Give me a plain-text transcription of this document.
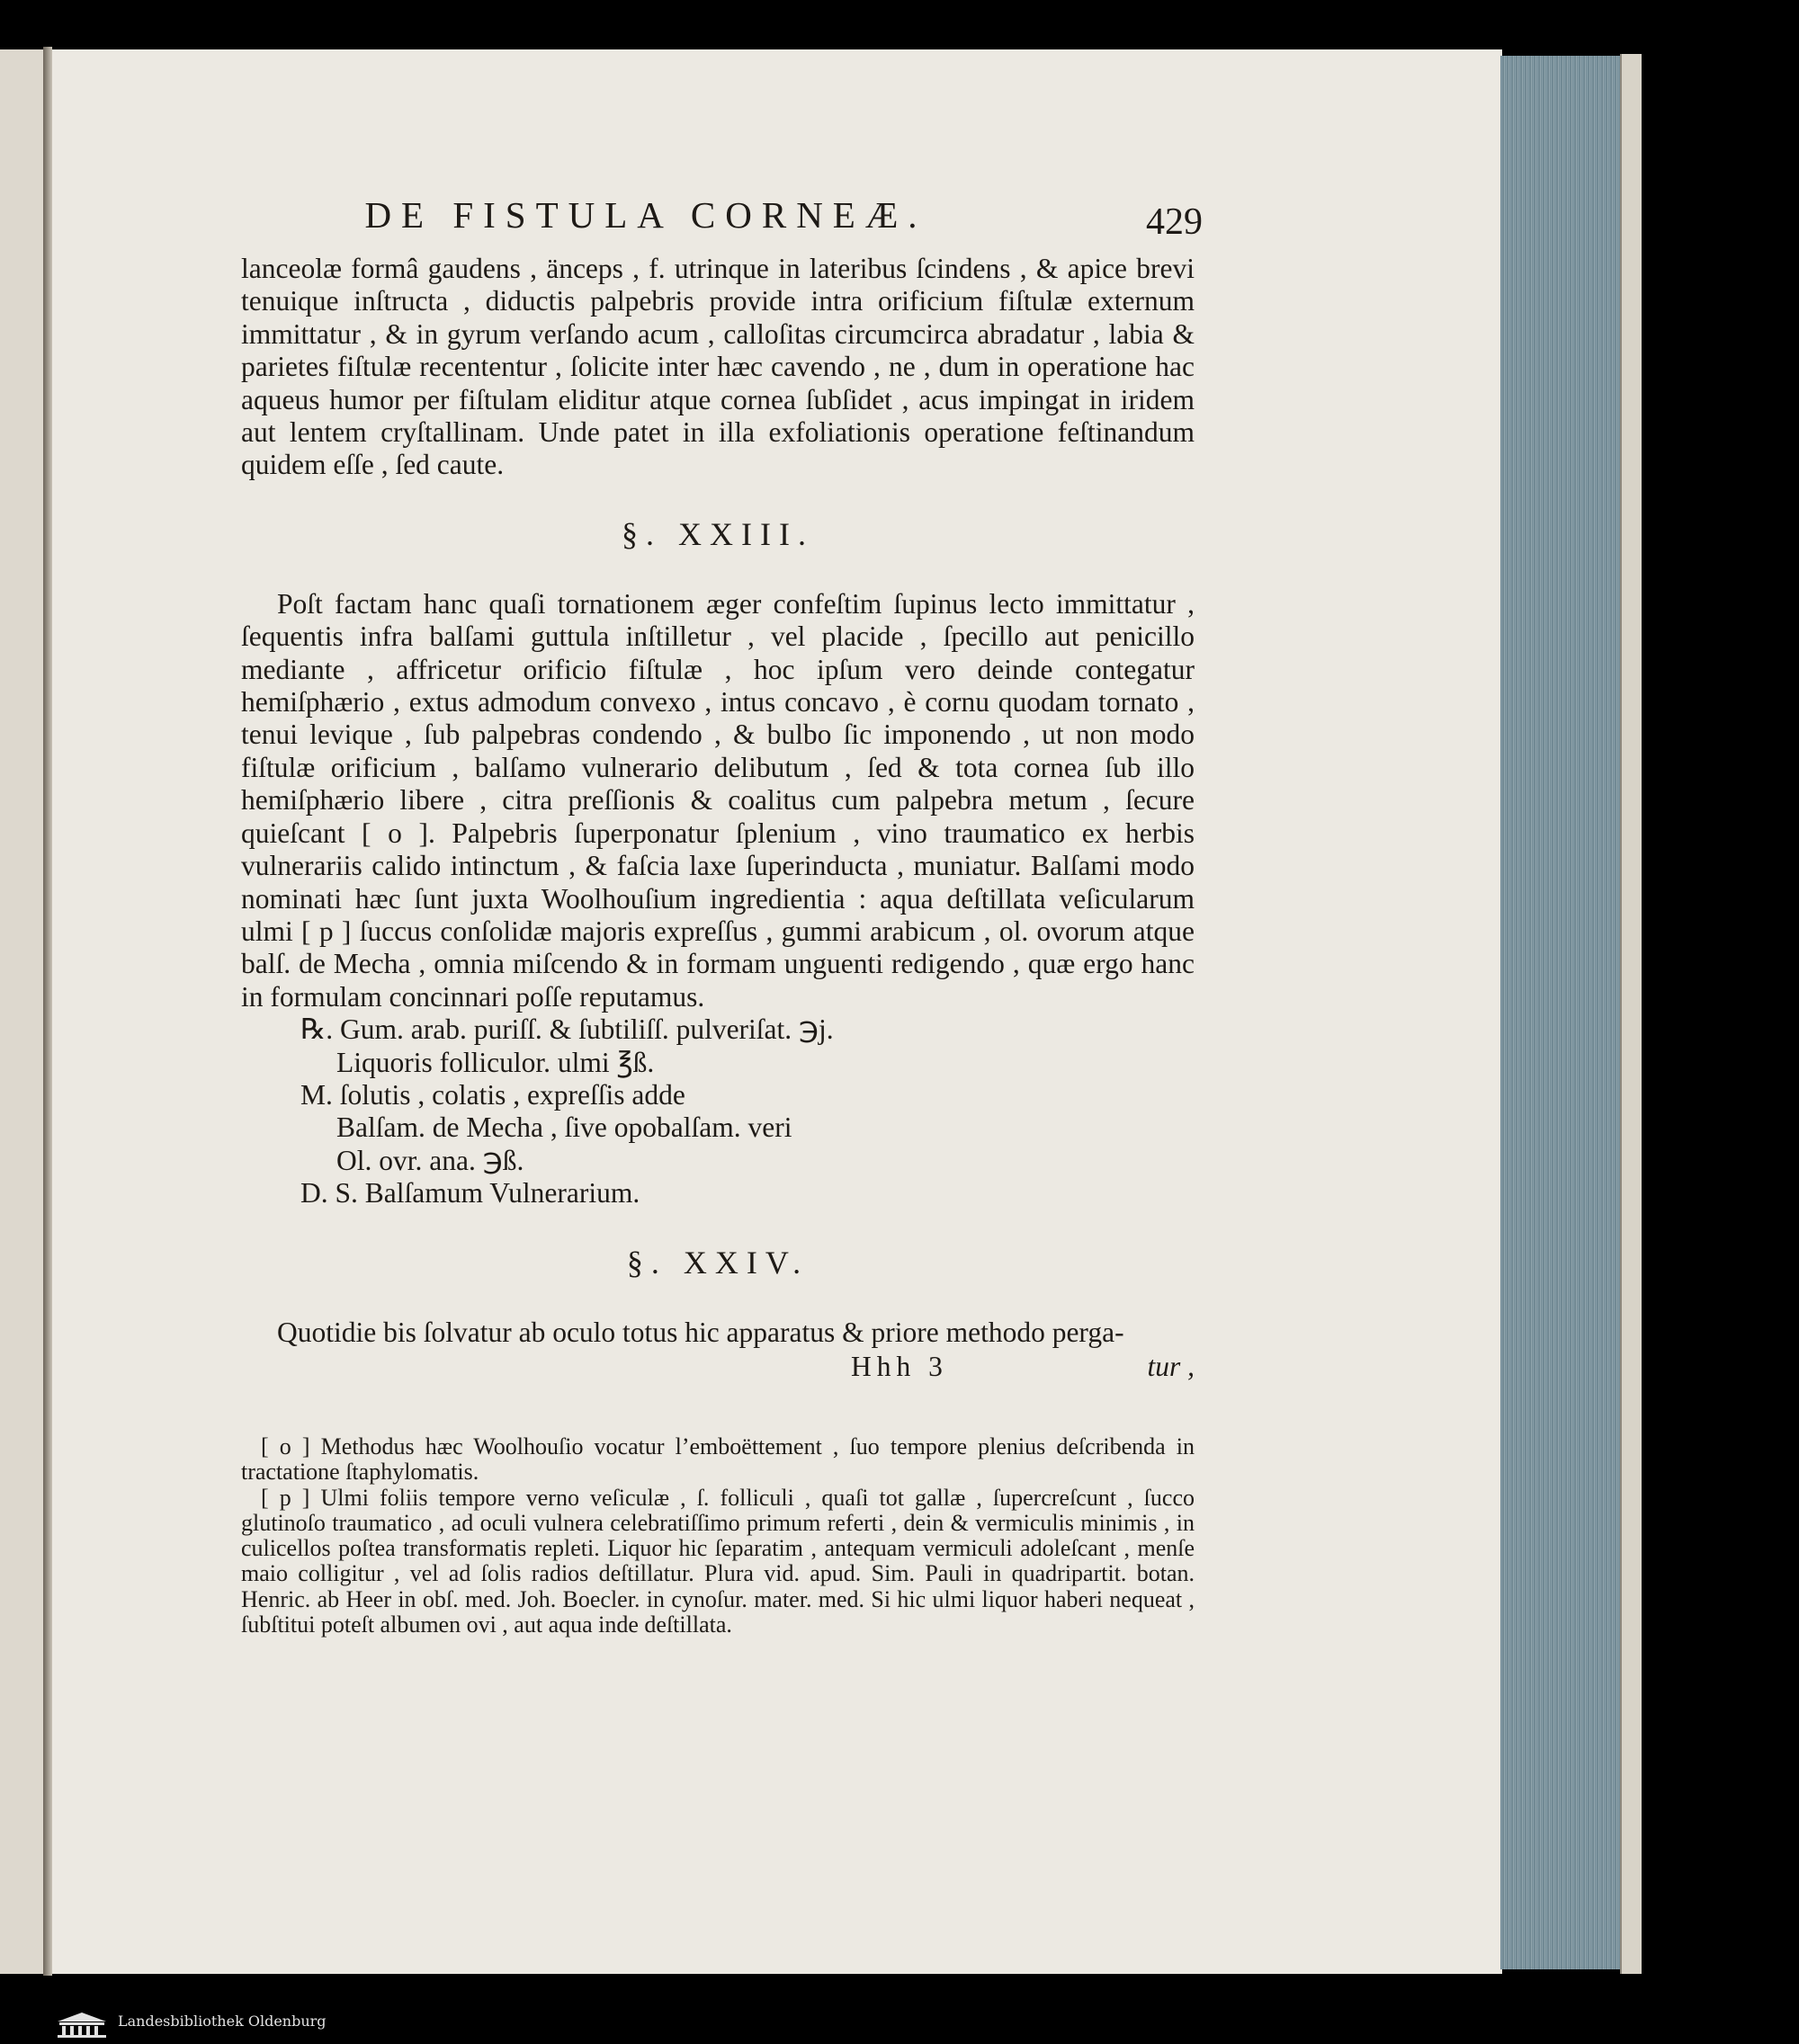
DE FISTULA CORNEÆ.	429

lanceolæ formâ gaudens , änceps , f. utrinque in lateribus ſcindens , & apice brevi tenuique inſtructa , diductis palpebris provide intra orificium fiſtulæ externum immittatur , & in gyrum verſando acum , calloſitas circumcirca abradatur , labia & parietes fiſtulæ recententur , ſolicite inter hæc cavendo , ne , dum in operatione hac aqueus humor per fiſtulam eliditur atque cornea ſubſidet , acus impingat in iridem aut lentem cryſtallinam. Unde patet in illa exfoliationis operatione feſtinandum quidem eſſe , ſed caute.

§. XXIII.

Poſt factam hanc quaſi tornationem æger confeſtim ſupinus lecto immittatur , ſequentis infra balſami guttula inſtilletur , vel placide , ſpecillo aut penicillo mediante , affricetur orificio fiſtulæ , hoc ipſum vero deinde contegatur hemiſphærio , extus admodum convexo , intus concavo , è cornu quodam tornato , tenui levique , ſub palpebras condendo , & bulbo ſic imponendo , ut non modo fiſtulæ orificium , balſamo vulnerario delibutum , ſed & tota cornea ſub illo hemiſphærio libere , citra preſſionis & coalitus cum palpebra metum , ſecure quieſcant [ o ]. Palpebris ſuperponatur ſplenium , vino traumatico ex herbis vulnerariis calido intinctum , & faſcia laxe ſuperinducta , muniatur. Balſami modo nominati hæc ſunt juxta Woolhouſium ingredientia : aqua deſtillata veſicularum ulmi [ p ] ſuccus conſolidæ majoris expreſſus , gummi arabicum , ol. ovorum atque balſ. de Mecha , omnia miſcendo & in formam unguenti redigendo , quæ ergo hanc in formulam concinnari poſſe reputamus.

℞. Gum. arab. puriſſ. & ſubtiliſſ. pulveriſat. ℈j.
Liquoris folliculor. ulmi ℥ß.
M. ſolutis , colatis , expreſſis adde
Balſam. de Mecha , ſive opobalſam. veri
Ol. ovr. ana. ℈ß.
D. S. Balſamum Vulnerarium.
§. XXIV.

Quotidie bis ſolvatur ab oculo totus hic apparatus & priore methodo perga-

Hhh 3	tur ,

[ o ] Methodus hæc Woolhouſio vocatur l’emboëttement , ſuo tempore plenius deſcribenda in tractatione ſtaphylomatis.

[ p ] Ulmi foliis tempore verno veſiculæ , ſ. folliculi , quaſi tot gallæ , ſupercreſcunt , ſucco glutinoſo traumatico , ad oculi vulnera celebratiſſimo primum referti , dein & vermiculis minimis , in culicellos poſtea transformatis repleti. Liquor hic ſeparatim , antequam vermiculi adoleſcant , menſe maio colligitur , vel ad ſolis radios deſtillatur. Plura vid. apud. Sim. Pauli in quadripartit. botan. Henric. ab Heer in obſ. med. Joh. Boecler. in cynoſur. mater. med. Si hic ulmi liquor haberi nequeat , ſubſtitui poteſt albumen ovi , aut aqua inde deſtillata.

Landesbibliothek Oldenburg
